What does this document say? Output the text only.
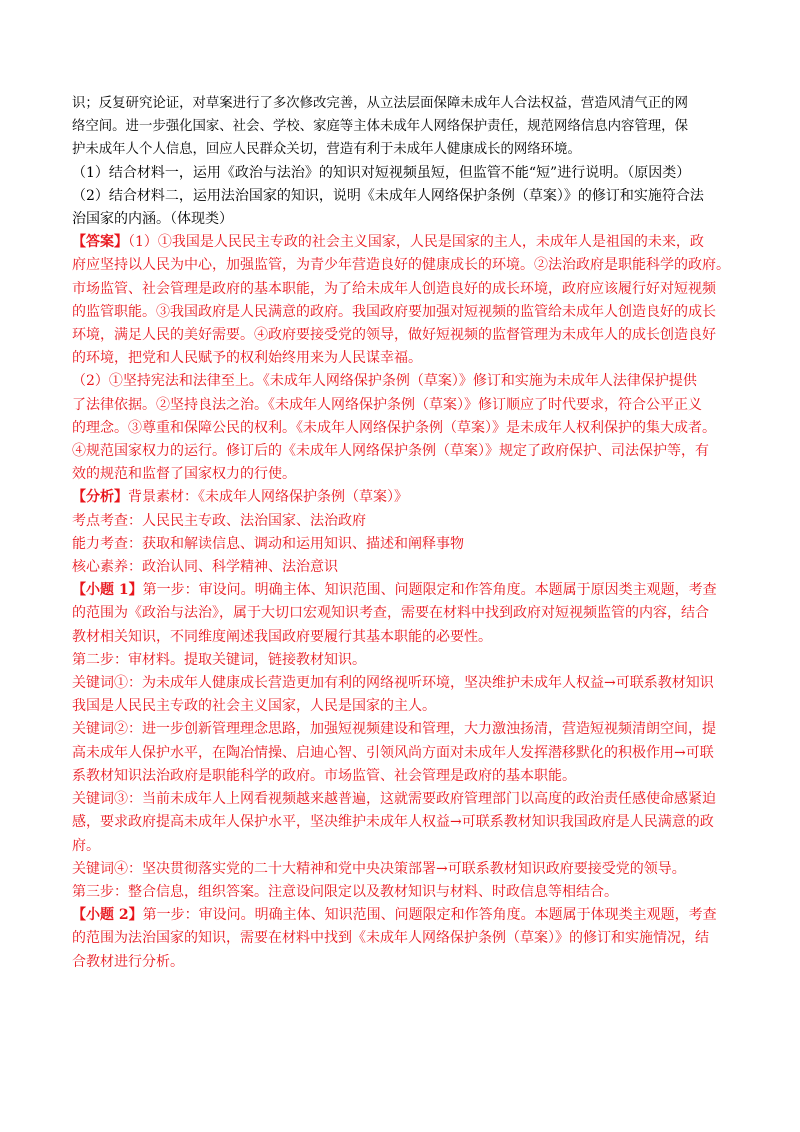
识；反复研究论证，对草案进行了多次修改完善，从立法层面保障未成年人合法权益，营造风清气正的网
络空间。进一步强化国家、社会、学校、家庭等主体未成年人网络保护责任，规范网络信息内容管理，保
护未成年人个人信息，回应人民群众关切，营造有利于未成年人健康成长的网络环境。
（1）结合材料一，运用《政治与法治》的知识对短视频虽短，但监管不能“短”进行说明。（原因类）
（2）结合材料二，运用法治国家的知识，说明《未成年人网络保护条例（草案）》的修订和实施符合法
治国家的内涵。（体现类）
【答案】（1）①我国是人民民主专政的社会主义国家，人民是国家的主人，未成年人是祖国的未来，政
府应坚持以人民为中心，加强监管，为青少年营造良好的健康成长的环境。②法治政府是职能科学的政府。
市场监管、社会管理是政府的基本职能，为了给未成年人创造良好的成长环境，政府应该履行好对短视频
的监管职能。③我国政府是人民满意的政府。我国政府要加强对短视频的监管给未成年人创造良好的成长
环境，满足人民的美好需要。④政府要接受党的领导，做好短视频的监督管理为未成年人的成长创造良好
的环境，把党和人民赋予的权利始终用来为人民谋幸福。
（2）①坚持宪法和法律至上。《未成年人网络保护条例（草案）》修订和实施为未成年人法律保护提供
了法律依据。②坚持良法之治。《未成年人网络保护条例（草案）》修订顺应了时代要求，符合公平正义
的理念。③尊重和保障公民的权利。《未成年人网络保护条例（草案）》是未成年人权利保护的集大成者。
④规范国家权力的运行。修订后的《未成年人网络保护条例（草案）》规定了政府保护、司法保护等，有
效的规范和监督了国家权力的行使。
【分析】背景素材：《未成年人网络保护条例（草案）》
考点考查：人民民主专政、法治国家、法治政府
能力考查：获取和解读信息、调动和运用知识、描述和阐释事物
核心素养：政治认同、科学精神、法治意识
【小题 1】第一步：审设问。明确主体、知识范围、问题限定和作答角度。本题属于原因类主观题，考查
的范围为《政治与法治》，属于大切口宏观知识考查，需要在材料中找到政府对短视频监管的内容，结合
教材相关知识，不同维度阐述我国政府要履行其基本职能的必要性。
第二步：审材料。提取关键词，链接教材知识。
关键词①：为未成年人健康成长营造更加有利的网络视听环境，坚决维护未成年人权益→可联系教材知识
我国是人民民主专政的社会主义国家，人民是国家的主人。
关键词②：进一步创新管理理念思路，加强短视频建设和管理，大力激浊扬清，营造短视频清朗空间，提
高未成年人保护水平，在陶冶情操、启迪心智、引领风尚方面对未成年人发挥潜移默化的积极作用→可联
系教材知识法治政府是职能科学的政府。市场监管、社会管理是政府的基本职能。
关键词③：当前未成年人上网看视频越来越普遍，这就需要政府管理部门以高度的政治责任感使命感紧迫
感，要求政府提高未成年人保护水平，坚决维护未成年人权益→可联系教材知识我国政府是人民满意的政
府。
关键词④：坚决贯彻落实党的二十大精神和党中央决策部署→可联系教材知识政府要接受党的领导。
第三步：整合信息，组织答案。注意设问限定以及教材知识与材料、时政信息等相结合。
【小题 2】第一步：审设问。明确主体、知识范围、问题限定和作答角度。本题属于体现类主观题，考查
的范围为法治国家的知识，需要在材料中找到《未成年人网络保护条例（草案）》的修订和实施情况，结
合教材进行分析。
